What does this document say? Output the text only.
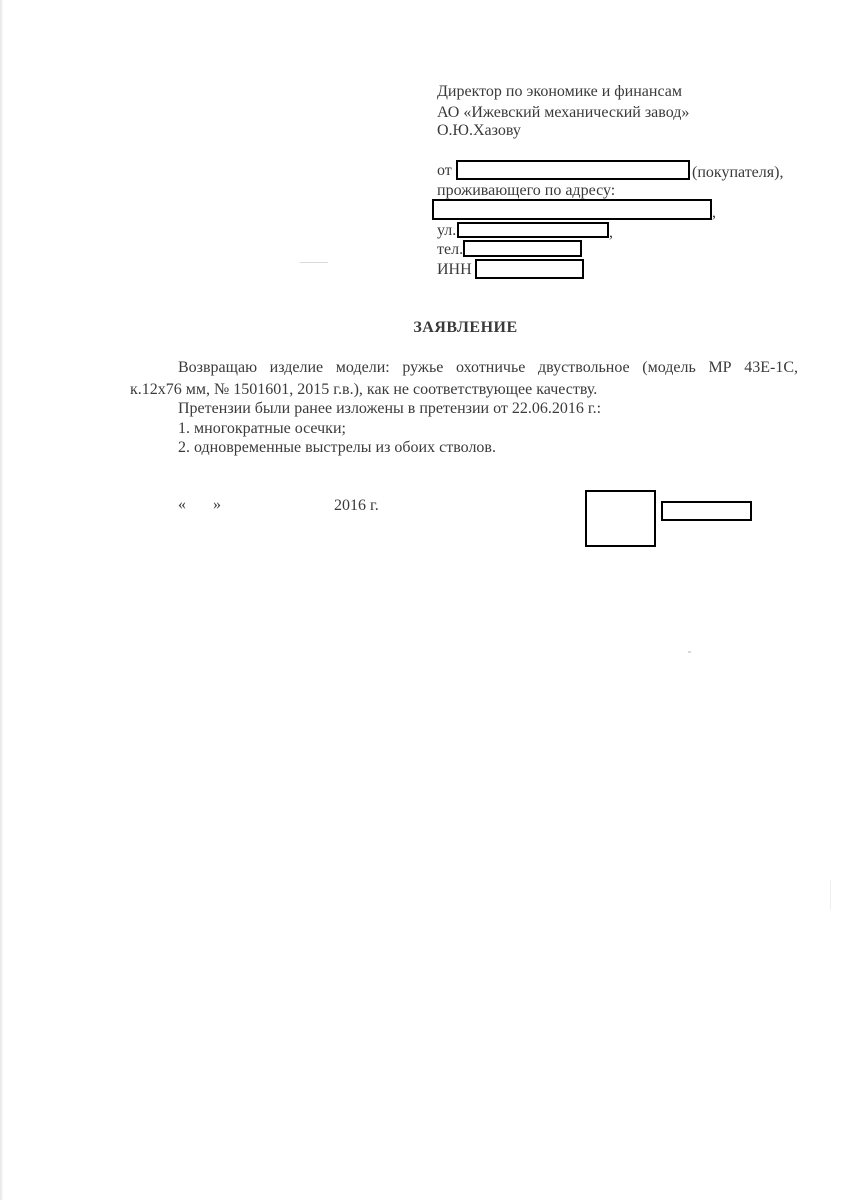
Директор по экономике и финансам
АО «Ижевский механический завод»
О.Ю.Хазову
от	(покупателя),
проживающего по адресу:
,
ул.	,
тел.
ИНН
ЗАЯВЛЕНИЕ
Возвращаю изделие модели: ружье охотничье двуствольное (модель МР 43Е-1С,
к.12х76 мм, № 1501601, 2015 г.в.), как не соответствующее качеству.
Претензии были ранее изложены в претензии от 22.06.2016 г.:
1. многократные осечки;
2. одновременные выстрелы из обоих стволов.
« »	2016 г.
